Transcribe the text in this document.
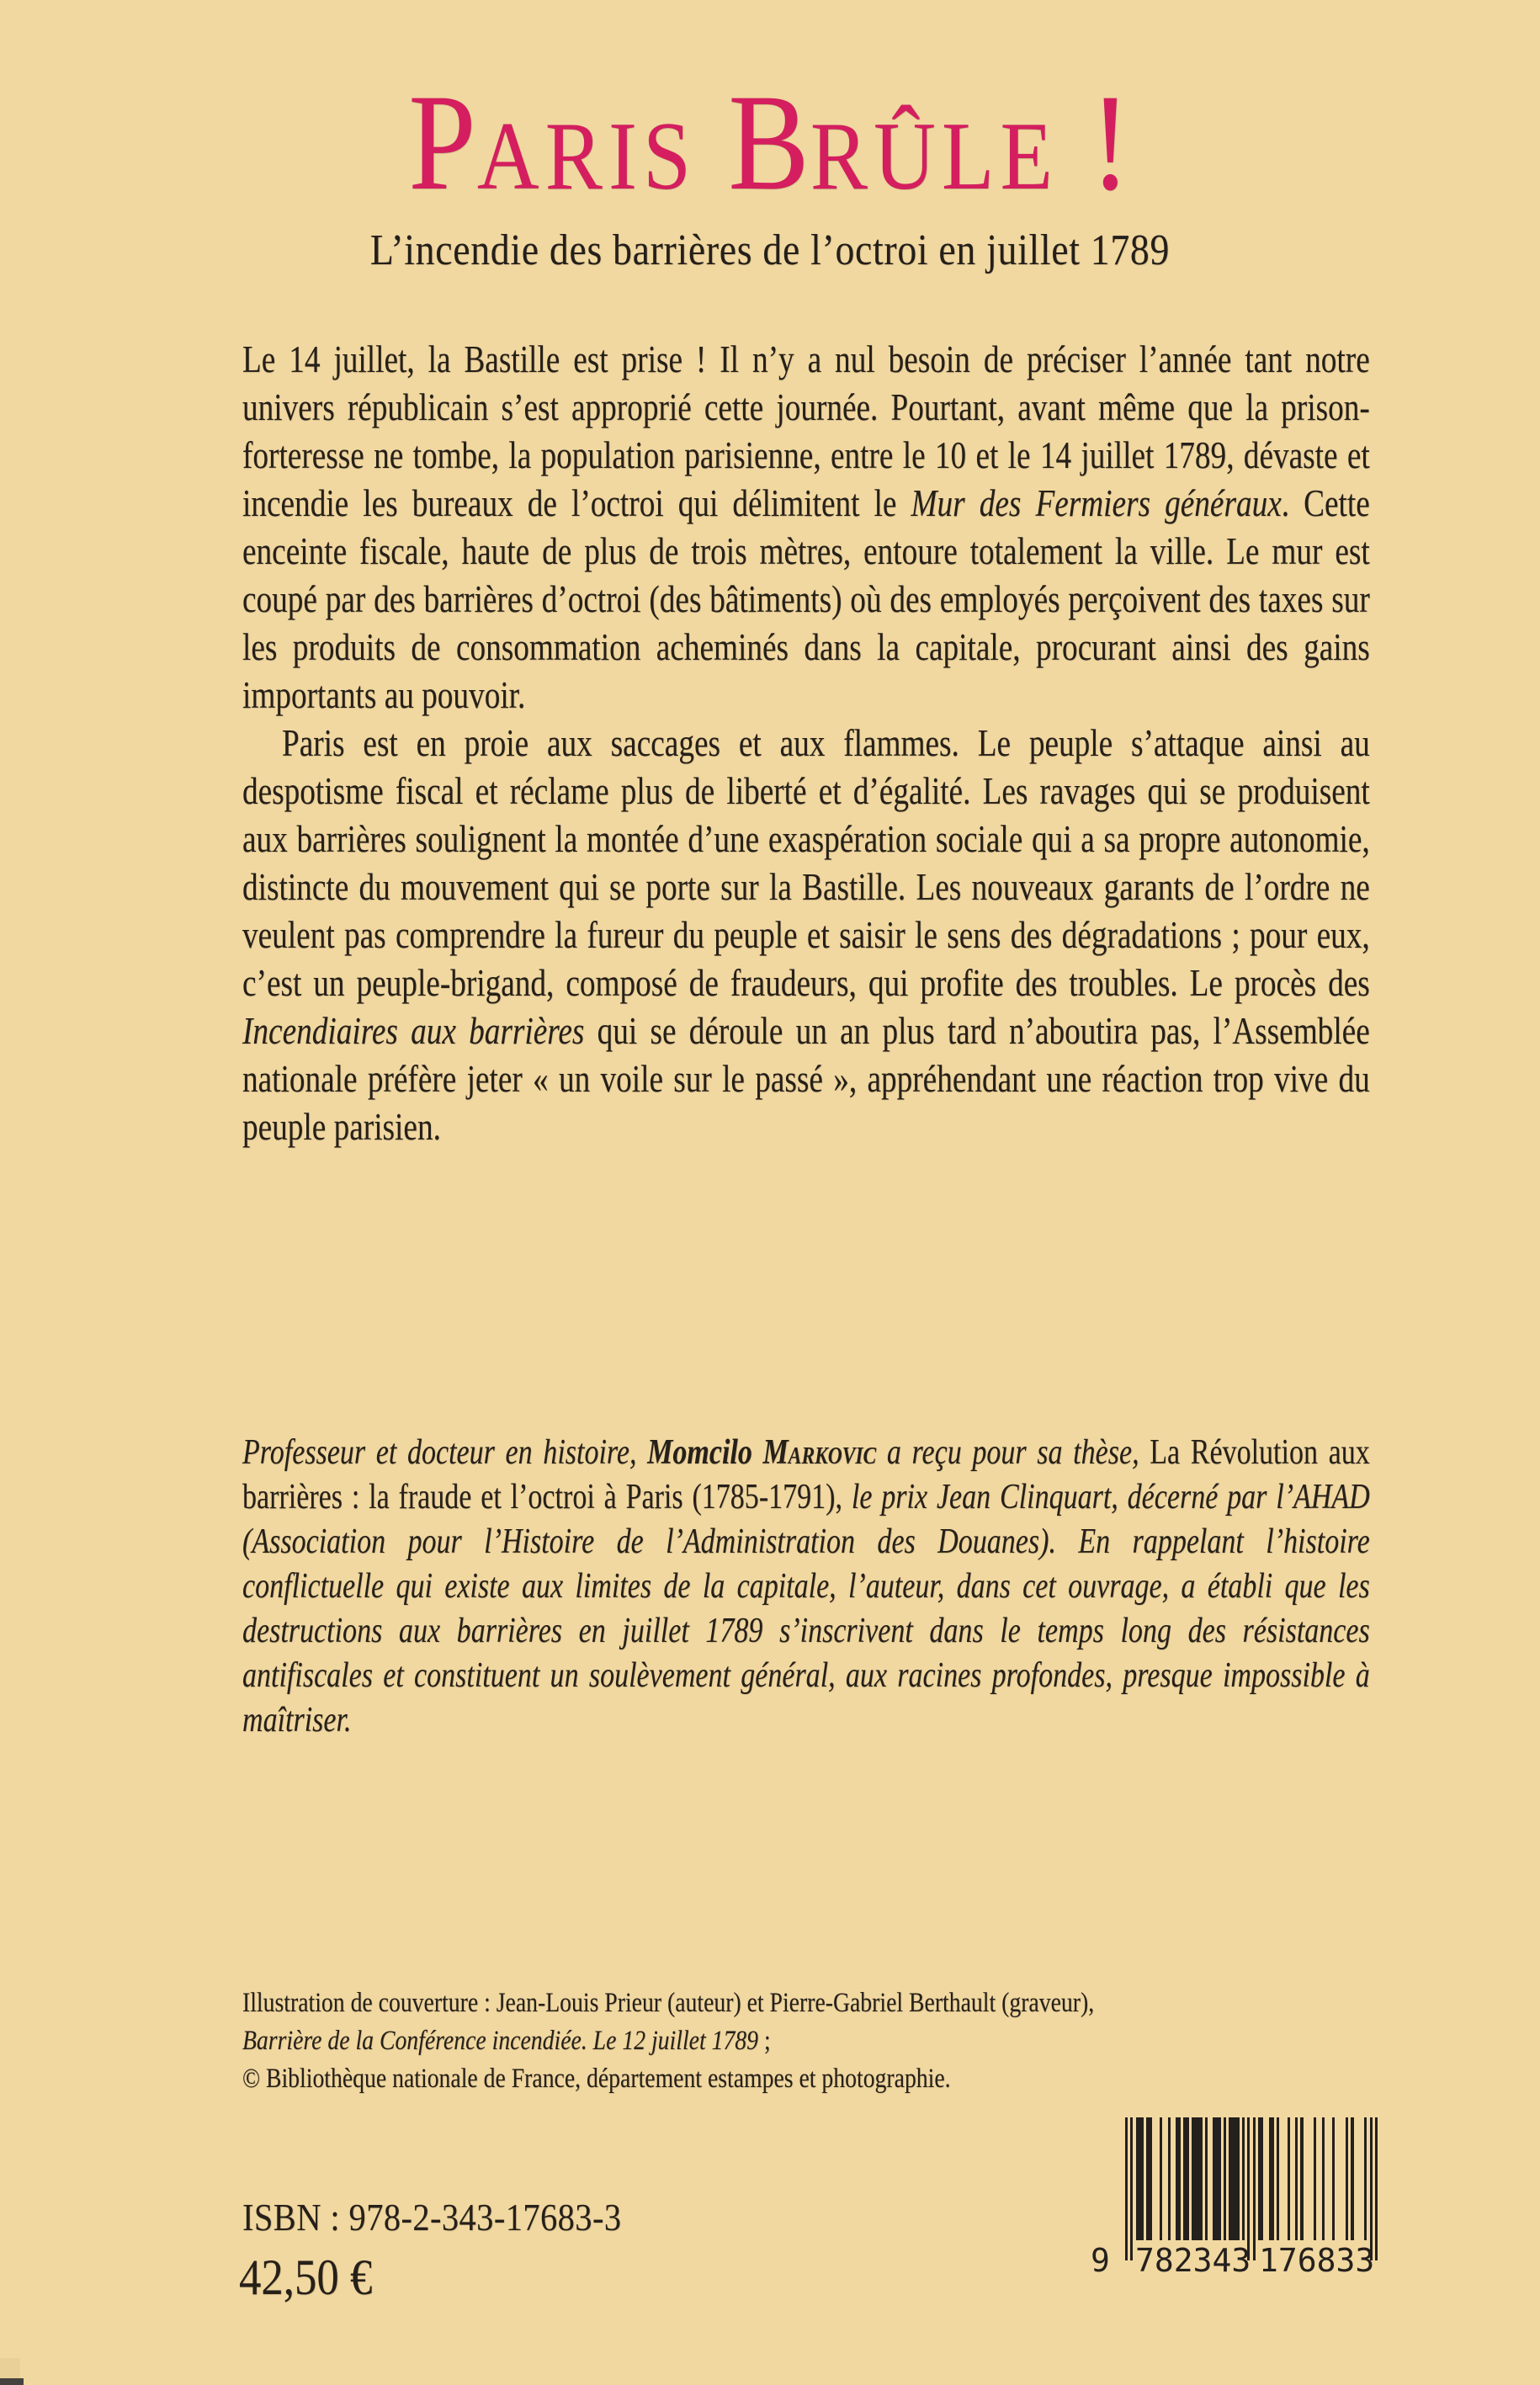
PARIS BRÛLE !
L’incendie des barrières de l’octroi en juillet 1789

Le 14 juillet, la Bastille est prise ! Il n’y a nul besoin de préciser l’année tant notre univers républicain s’est approprié cette journée. Pourtant, avant même que la prison-forteresse ne tombe, la population parisienne, entre le 10 et le 14 juillet 1789, dévaste et incendie les bureaux de l’octroi qui délimitent le Mur des Fermiers généraux. Cette enceinte fiscale, haute de plus de trois mètres, entoure totalement la ville. Le mur est coupé par des barrières d’octroi (des bâtiments) où des employés perçoivent des taxes sur les produits de consommation acheminés dans la capitale, procurant ainsi des gains importants au pouvoir.

Paris est en proie aux saccages et aux flammes. Le peuple s’attaque ainsi au despotisme fiscal et réclame plus de liberté et d’égalité. Les ravages qui se produisent aux barrières soulignent la montée d’une exaspération sociale qui a sa propre autonomie, distincte du mouvement qui se porte sur la Bastille. Les nouveaux garants de l’ordre ne veulent pas comprendre la fureur du peuple et saisir le sens des dégradations ; pour eux, c’est un peuple-brigand, composé de fraudeurs, qui profite des troubles. Le procès des Incendiaires aux barrières qui se déroule un an plus tard n’aboutira pas, l’Assemblée nationale préfère jeter « un voile sur le passé », appréhendant une réaction trop vive du peuple parisien.

Professeur et docteur en histoire, Momcilo Markovic a reçu pour sa thèse, La Révolution aux barrières : la fraude et l’octroi à Paris (1785-1791), le prix Jean Clinquart, décerné par l’AHAD (Association pour l’Histoire de l’Administration des Douanes). En rappelant l’histoire conflictuelle qui existe aux limites de la capitale, l’auteur, dans cet ouvrage, a établi que les destructions aux barrières en juillet 1789 s’inscrivent dans le temps long des résistances antifiscales et constituent un soulèvement général, aux racines profondes, presque impossible à maîtriser.
Illustration de couverture : Jean-Louis Prieur (auteur) et Pierre-Gabriel Berthault (graveur),
Barrière de la Conférence incendiée. Le 12 juillet 1789 ;
© Bibliothèque nationale de France, département estampes et photographie.
ISBN : 978-2-343-17683-3
42,50 €	9 782343 176833
